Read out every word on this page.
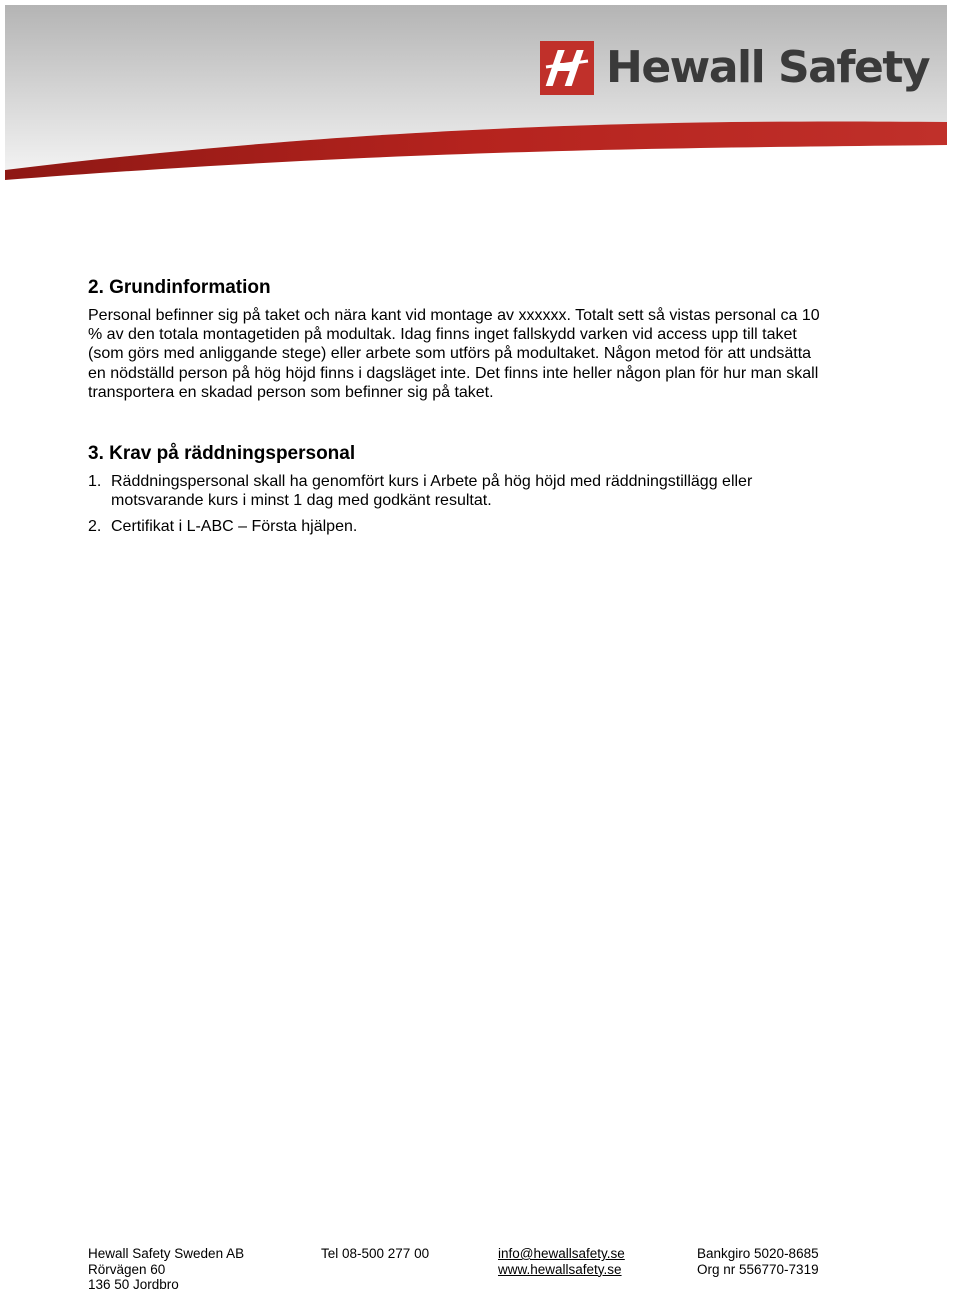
Hewall Safety
2. Grundinformation

Personal befinner sig på taket och nära kant vid montage av xxxxxx. Totalt sett så vistas personal ca 10
% av den totala montagetiden på modultak. Idag finns inget fallskydd varken vid access upp till taket
(som görs med anliggande stege) eller arbete som utförs på modultaket. Någon metod för att undsätta
en nödställd person på hög höjd finns i dagsläget inte. Det finns inte heller någon plan för hur man skall
transportera en skadad person som befinner sig på taket.

3. Krav på räddningspersonal
1. Räddningspersonal skall ha genomfört kurs i Arbete på hög höjd med räddningstillägg eller
motsvarande kurs i minst 1 dag med godkänt resultat.
2. Certifikat i L-ABC – Första hjälpen.
Hewall Safety Sweden AB
Rörvägen 60
136 50 Jordbro
Tel 08-500 277 00	info@hewallsafety.se
www.hewallsafety.se
Bankgiro 5020-8685
Org nr 556770-7319
